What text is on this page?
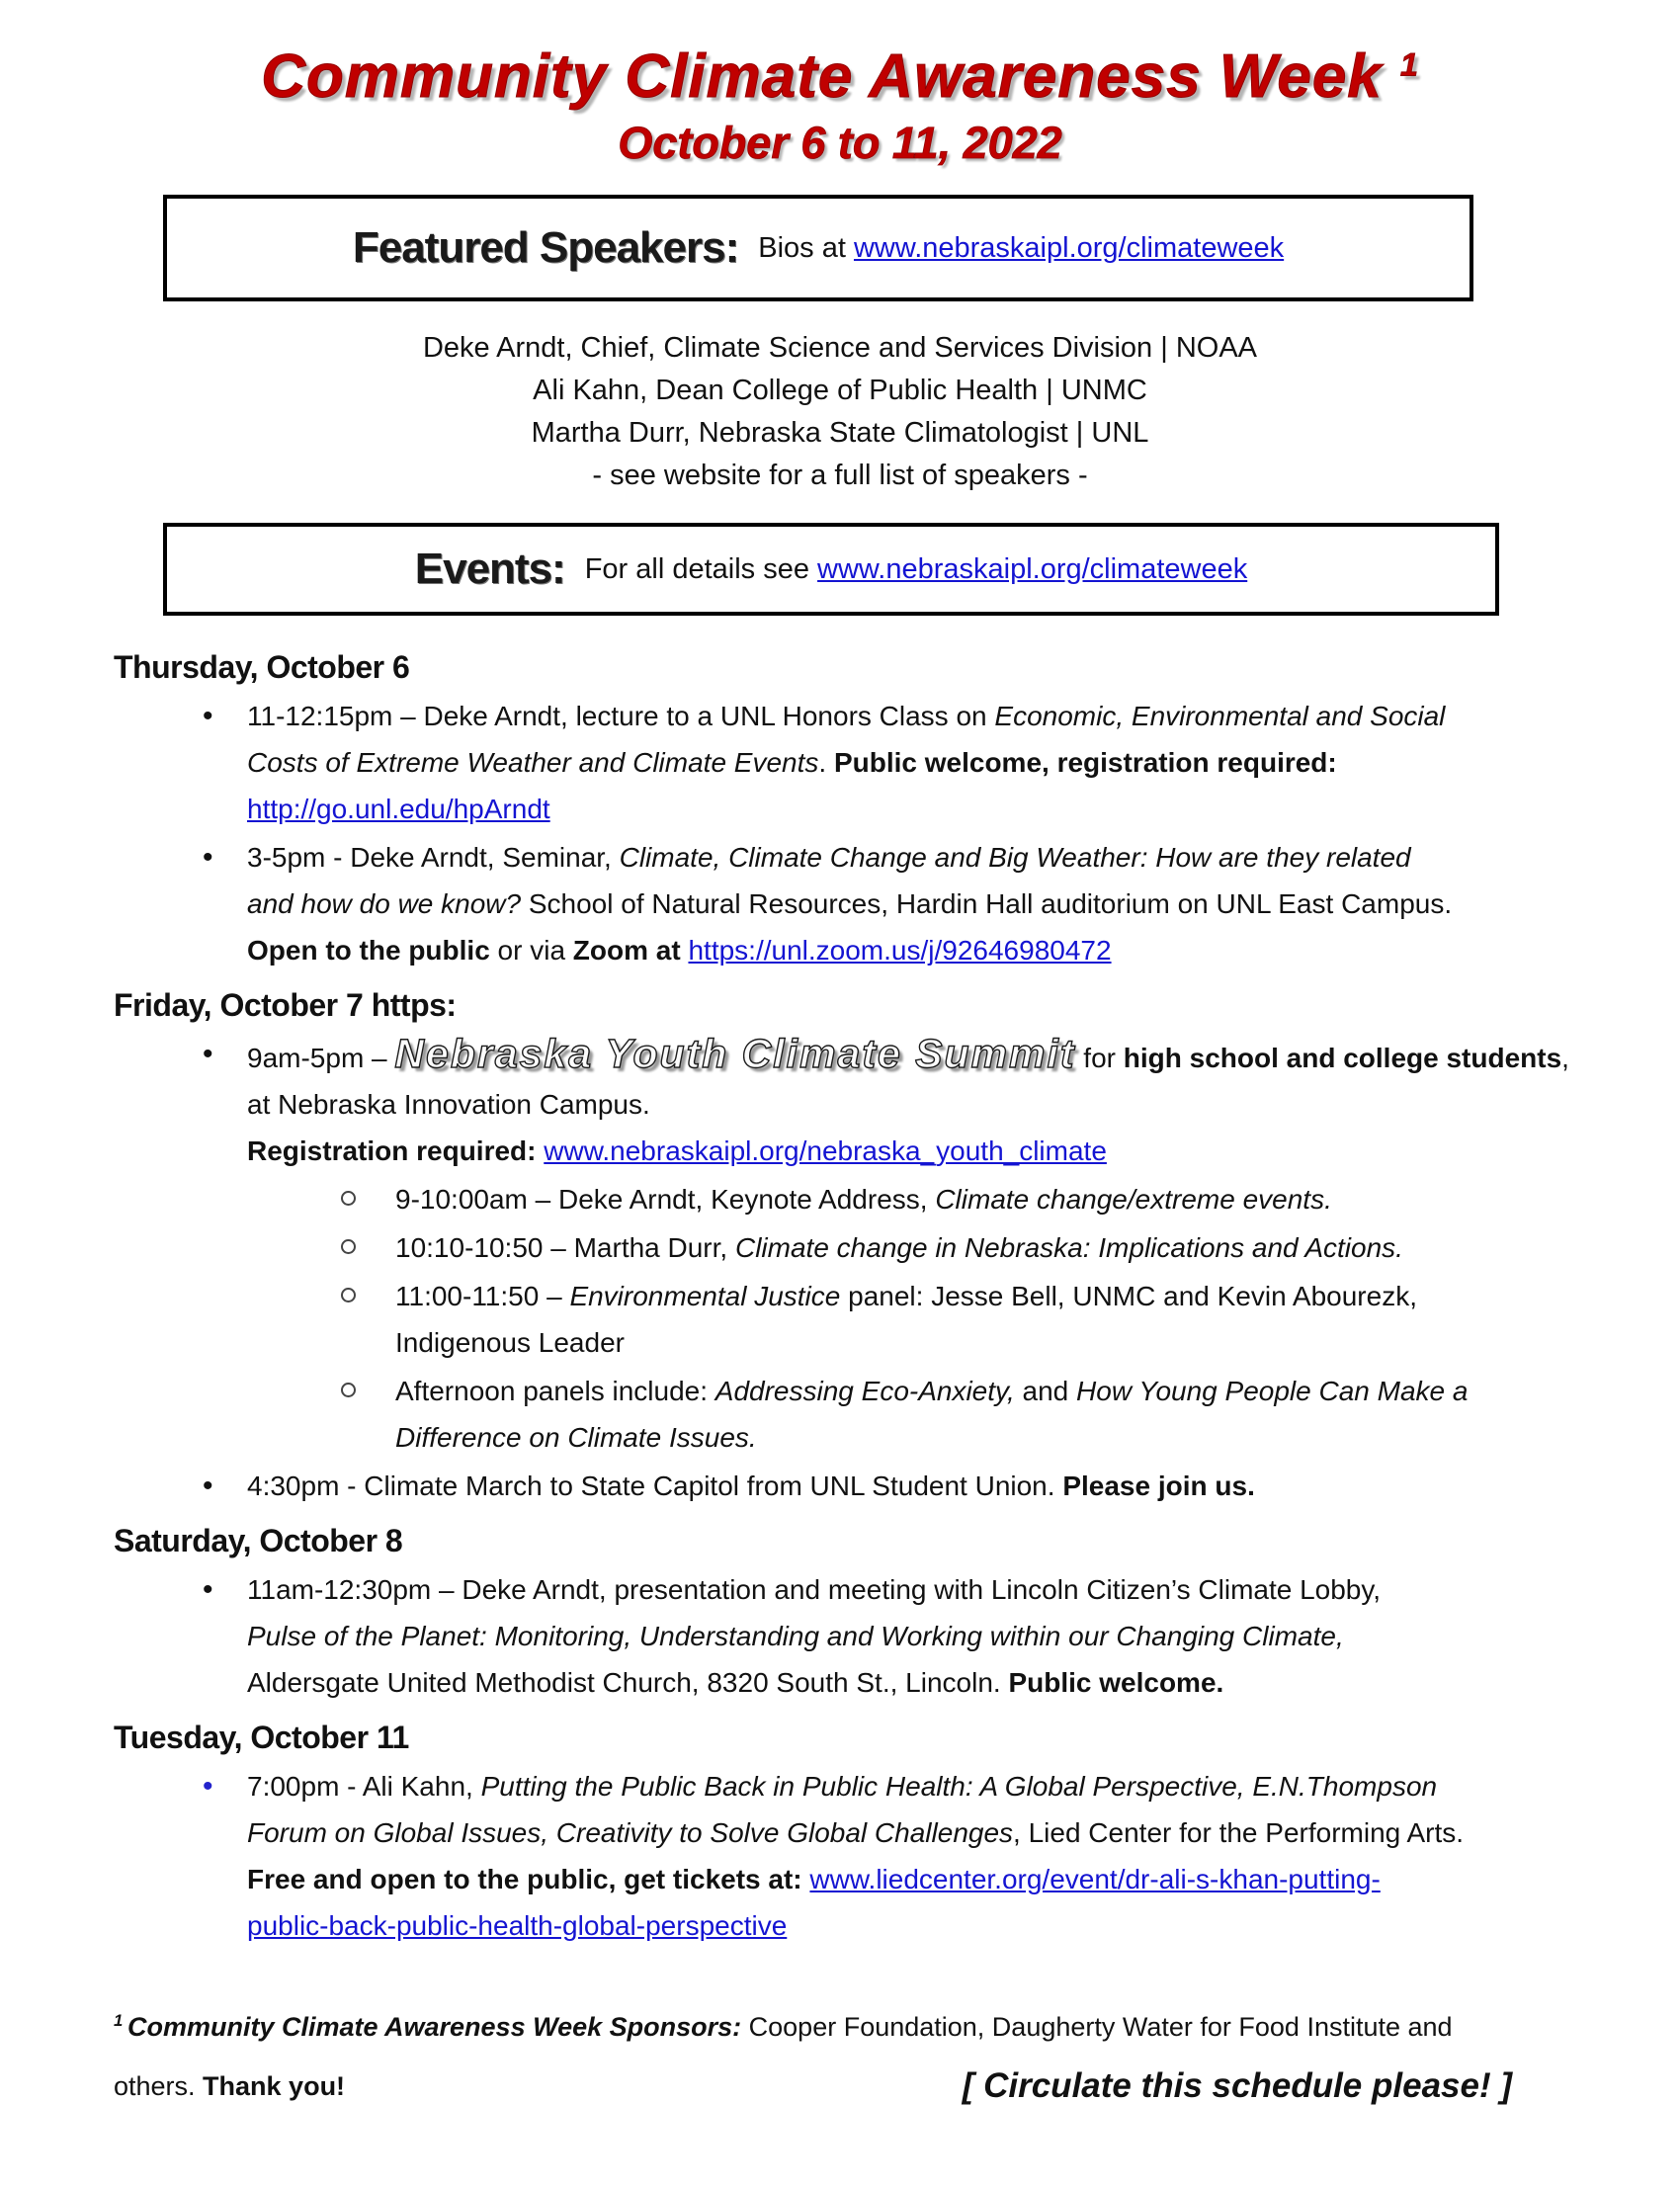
Community Climate Awareness Week $^1$
October 6 to 11, 2022
Featured Speakers: Bios at www.nebraskaipl.org/climateweek
Deke Arndt, Chief, Climate Science and Services Division | NOAA
Ali Kahn, Dean College of Public Health | UNMC
Martha Durr, Nebraska State Climatologist | UNL
- see website for a full list of speakers -
Events: For all details see www.nebraskaipl.org/climateweek
Thursday, October 6
•	11-12:15pm – Deke Arndt, lecture to a UNL Honors Class on Economic, Environmental and Social
Costs of Extreme Weather and Climate Events. Public welcome, registration required:
http://go.unl.edu/hpArndt
•	3-5pm - Deke Arndt, Seminar, Climate, Climate Change and Big Weather: How are they related
and how do we know? School of Natural Resources, Hardin Hall auditorium on UNL East Campus.
Open to the public or via Zoom at https://unl.zoom.us/j/92646980472
Friday, October 7 https:
•	9am-5pm – Nebraska Youth Climate Summit for high school and college students,
at Nebraska Innovation Campus.
Registration required: www.nebraskaipl.org/nebraska_youth_climate
9-10:00am – Deke Arndt, Keynote Address, Climate change/extreme events.
10:10-10:50 – Martha Durr, Climate change in Nebraska: Implications and Actions.
11:00-11:50 – Environmental Justice panel: Jesse Bell, UNMC and Kevin Abourezk,
Indigenous Leader
Afternoon panels include: Addressing Eco-Anxiety, and How Young People Can Make a
Difference on Climate Issues.
•	4:30pm - Climate March to State Capitol from UNL Student Union. Please join us.
Saturday, October 8
•	11am-12:30pm – Deke Arndt, presentation and meeting with Lincoln Citizen’s Climate Lobby,
Pulse of the Planet: Monitoring, Understanding and Working within our Changing Climate,
Aldersgate United Methodist Church, 8320 South St., Lincoln. Public welcome.
Tuesday, October 11
•	7:00pm - Ali Kahn, Putting the Public Back in Public Health: A Global Perspective, E.N.Thompson
Forum on Global Issues, Creativity to Solve Global Challenges, Lied Center for the Performing Arts.
Free and open to the public, get tickets at: www.liedcenter.org/event/dr-ali-s-khan-putting-
public-back-public-health-global-perspective
$^1$ Community Climate Awareness Week Sponsors: Cooper Foundation, Daugherty Water for Food Institute and
others. Thank you!	[ Circulate this schedule please! ]
